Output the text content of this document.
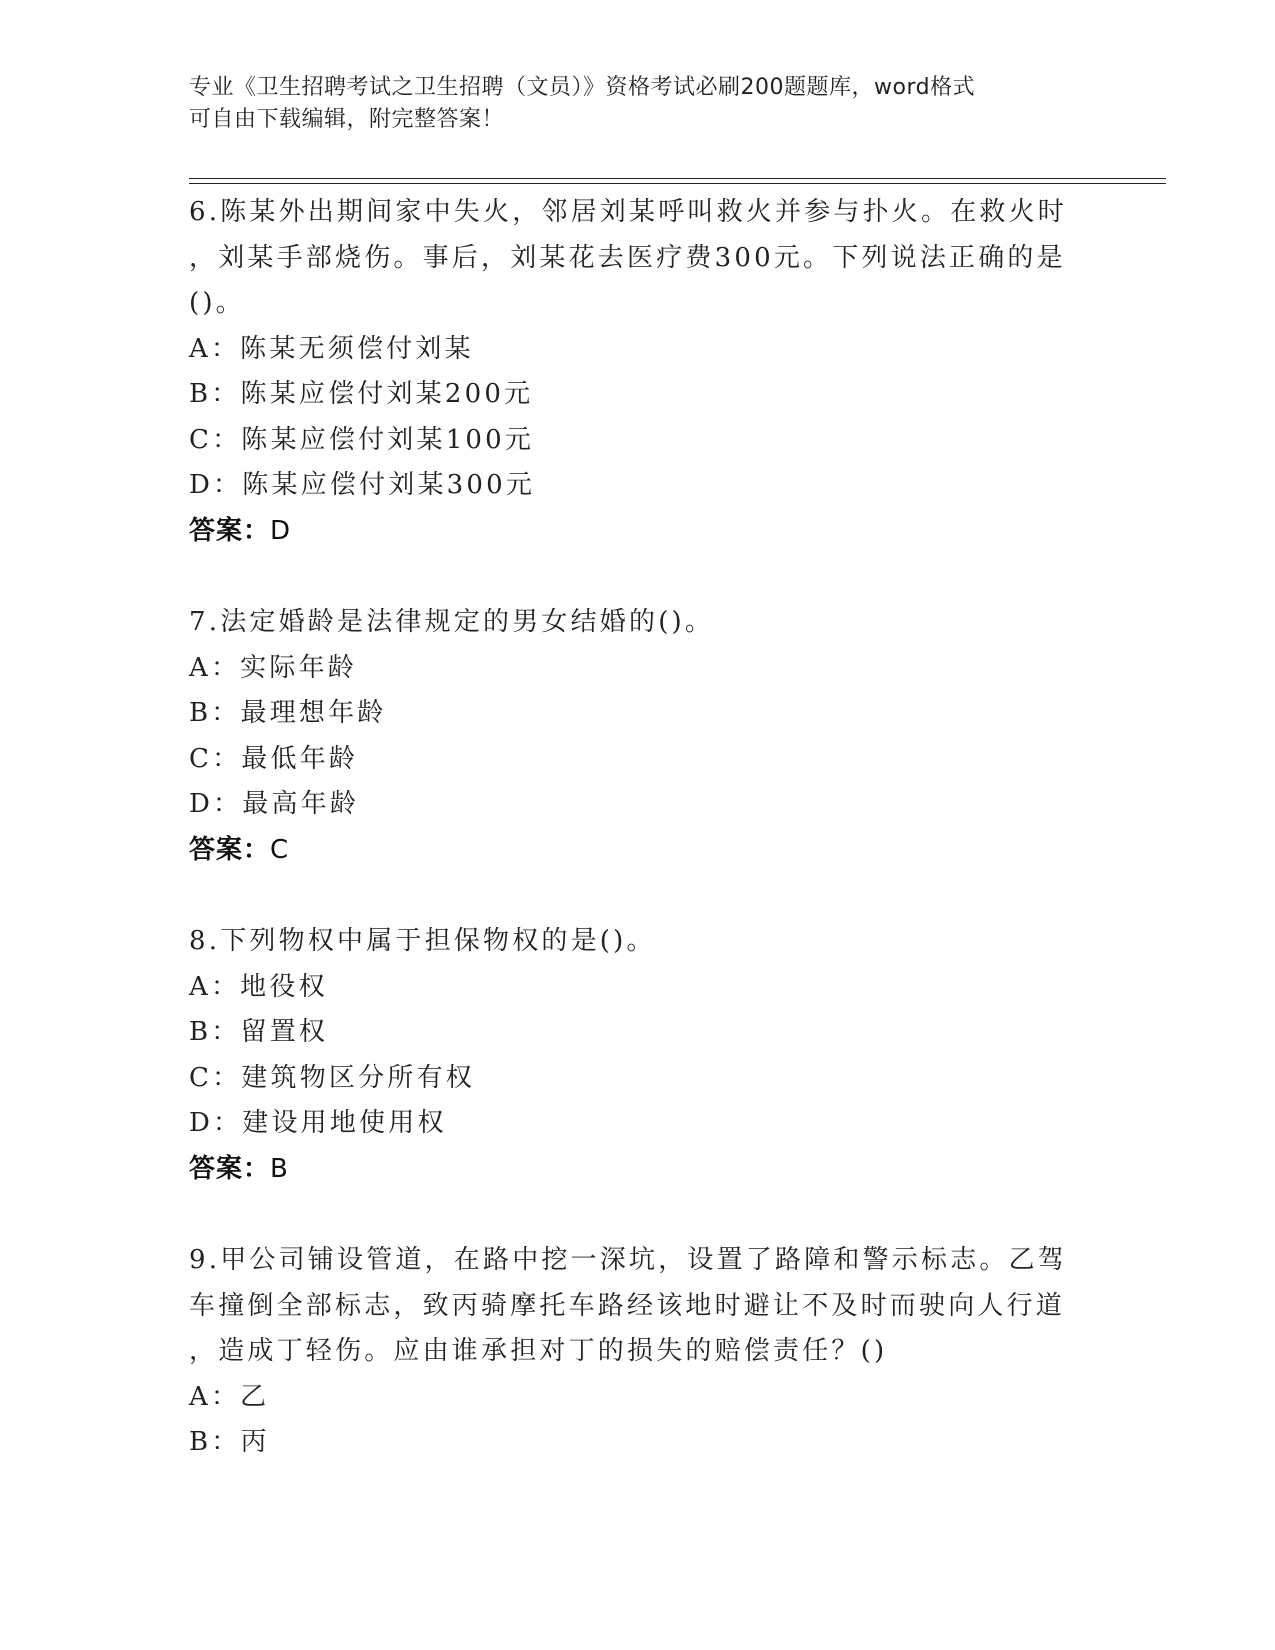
专业《卫生招聘考试之卫生招聘（文员）》资格考试必刷200题题库，word格式
可自由下载编辑，附完整答案！
6.陈某外出期间家中失火，邻居刘某呼叫救火并参与扑火。在救火时
，刘某手部烧伤。事后，刘某花去医疗费300元。下列说法正确的是
()。
A：陈某无须偿付刘某
B：陈某应偿付刘某200元
C：陈某应偿付刘某100元
D：陈某应偿付刘某300元
答案：D
7.法定婚龄是法律规定的男女结婚的()。
A：实际年龄
B：最理想年龄
C：最低年龄
D：最高年龄
答案：C
8.下列物权中属于担保物权的是()。
A：地役权
B：留置权
C：建筑物区分所有权
D：建设用地使用权
答案：B
9.甲公司铺设管道，在路中挖一深坑，设置了路障和警示标志。乙驾
车撞倒全部标志，致丙骑摩托车路经该地时避让不及时而驶向人行道
，造成丁轻伤。应由谁承担对丁的损失的赔偿责任？()
A：乙
B：丙
